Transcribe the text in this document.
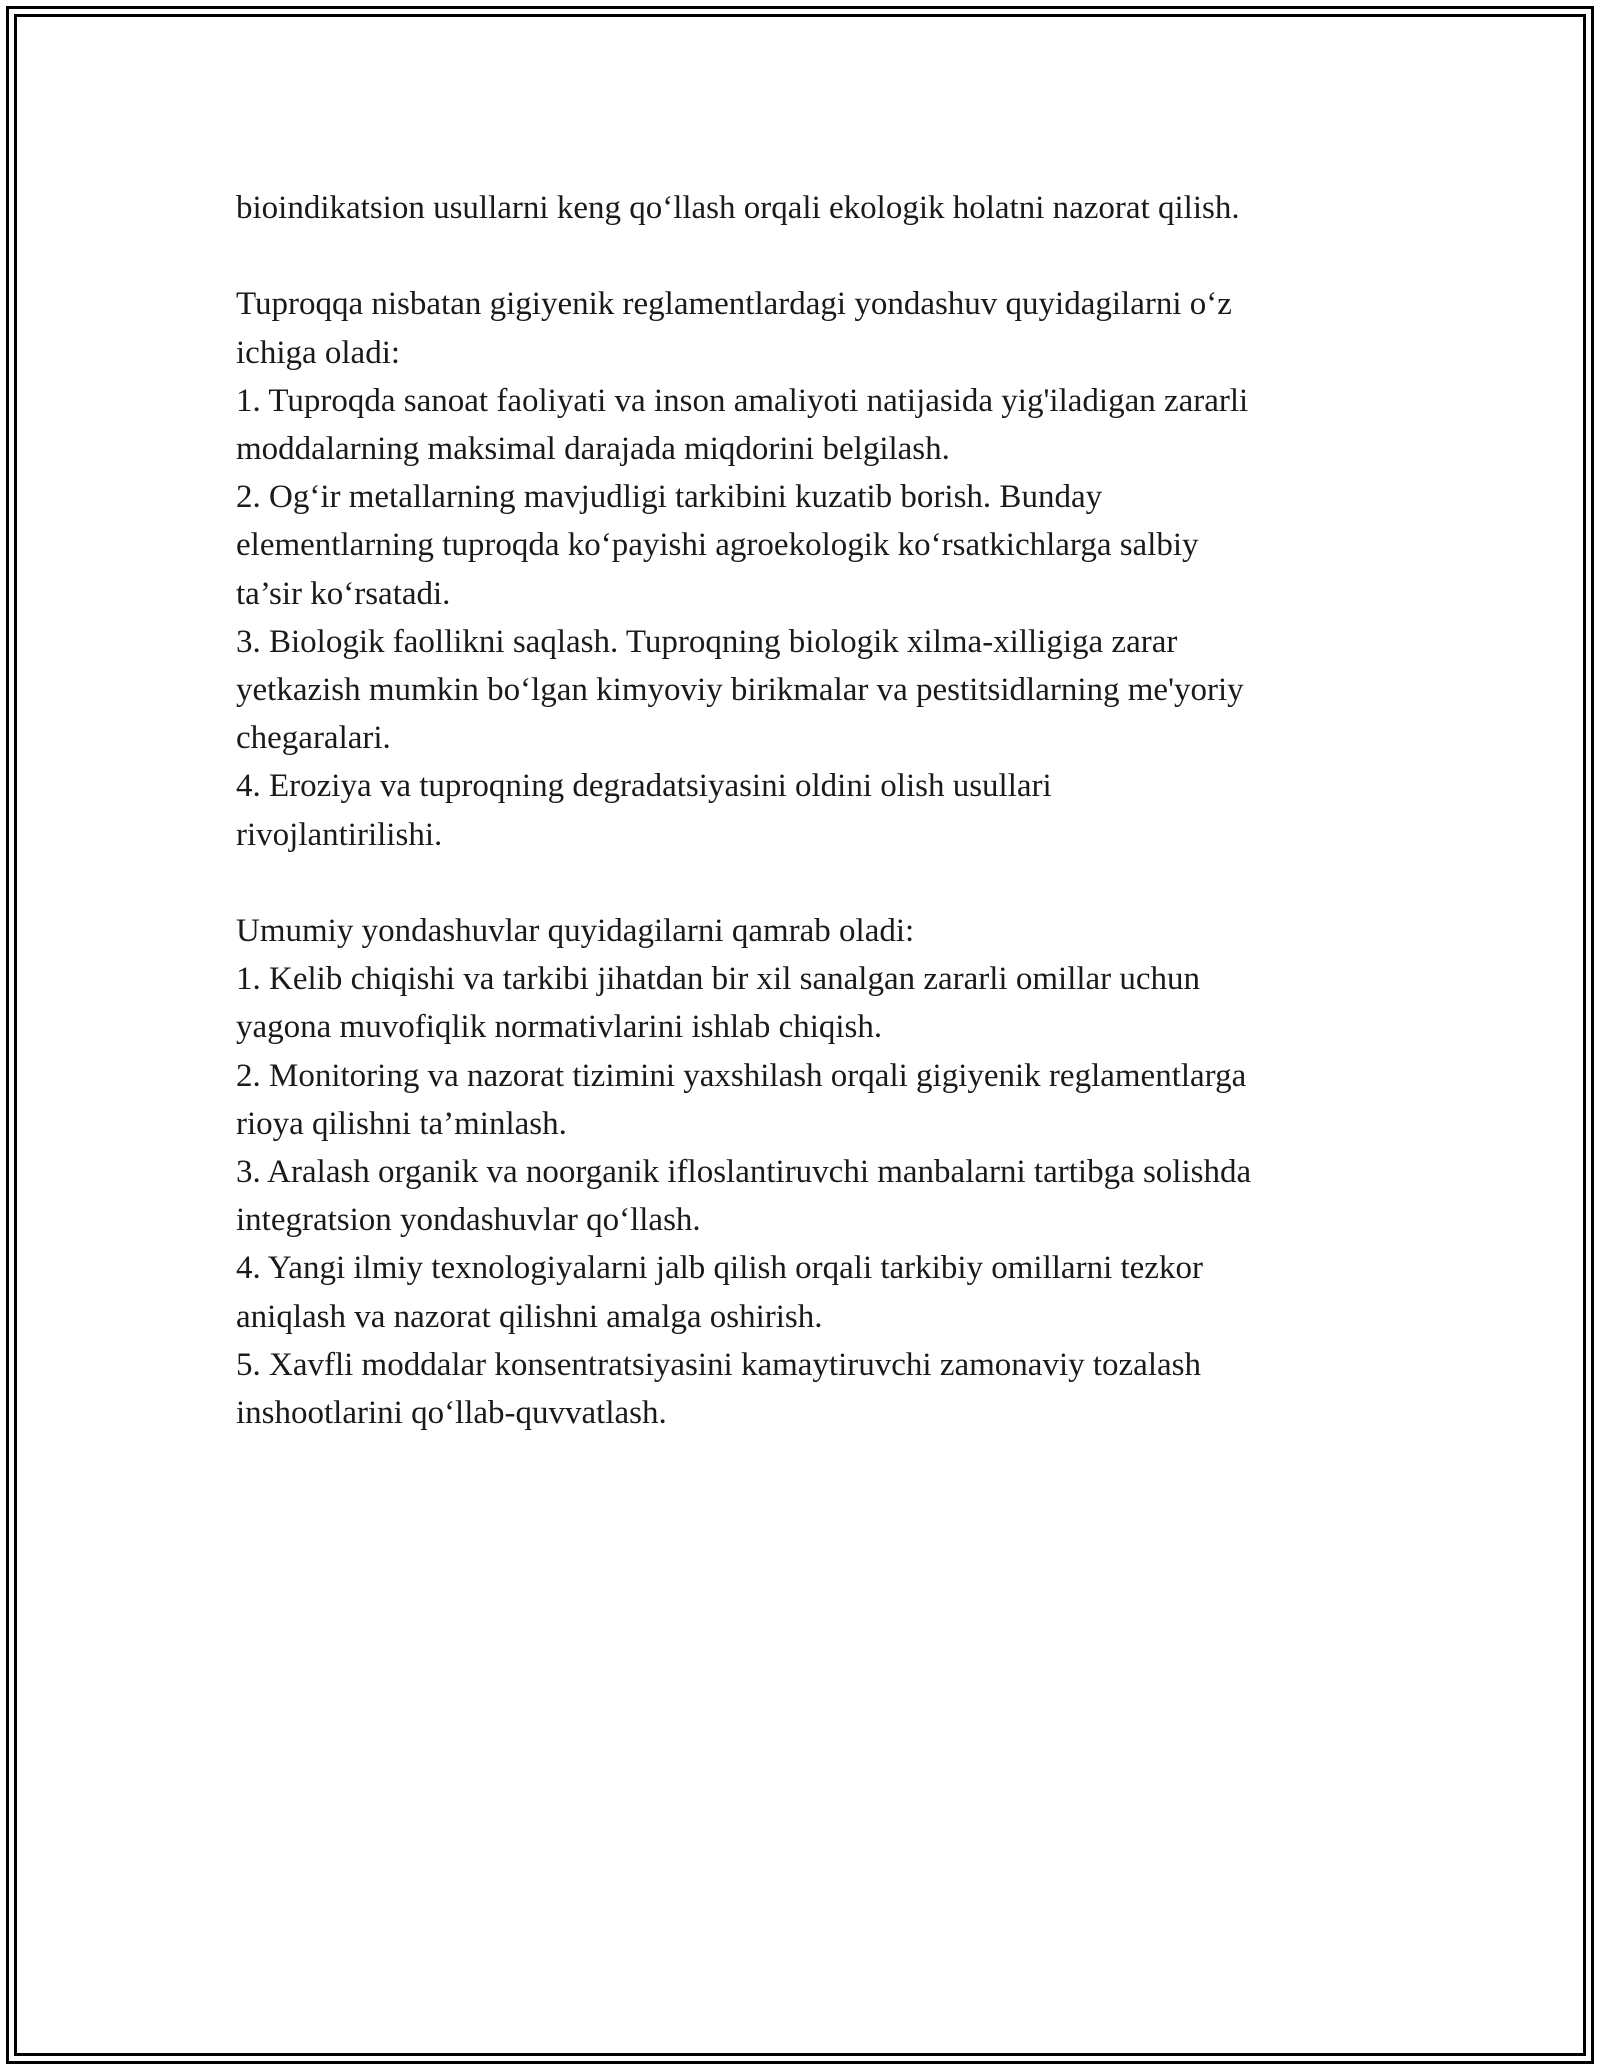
bioindikatsion usullarni keng qo‘llash orqali ekologik holatni nazorat qilish.

Tuproqqa nisbatan gigiyenik reglamentlardagi yondashuv quyidagilarni o‘z
ichiga oladi:

1. Tuproqda sanoat faoliyati va inson amaliyoti natijasida yig'iladigan zararli
moddalarning maksimal darajada miqdorini belgilash.

2. Og‘ir metallarning mavjudligi tarkibini kuzatib borish. Bunday
elementlarning tuproqda ko‘payishi agroekologik ko‘rsatkichlarga salbiy
ta’sir ko‘rsatadi.

3. Biologik faollikni saqlash. Tuproqning biologik xilma-xilligiga zarar
yetkazish mumkin bo‘lgan kimyoviy birikmalar va pestitsidlarning me'yoriy
chegaralari.

4. Eroziya va tuproqning degradatsiyasini oldini olish usullari
rivojlantirilishi.

Umumiy yondashuvlar quyidagilarni qamrab oladi:

1. Kelib chiqishi va tarkibi jihatdan bir xil sanalgan zararli omillar uchun
yagona muvofiqlik normativlarini ishlab chiqish.

2. Monitoring va nazorat tizimini yaxshilash orqali gigiyenik reglamentlarga
rioya qilishni ta’minlash.

3. Aralash organik va noorganik ifloslantiruvchi manbalarni tartibga solishda
integratsion yondashuvlar qo‘llash.

4. Yangi ilmiy texnologiyalarni jalb qilish orqali tarkibiy omillarni tezkor
aniqlash va nazorat qilishni amalga oshirish.

5. Xavfli moddalar konsentratsiyasini kamaytiruvchi zamonaviy tozalash
inshootlarini qo‘llab-quvvatlash.
